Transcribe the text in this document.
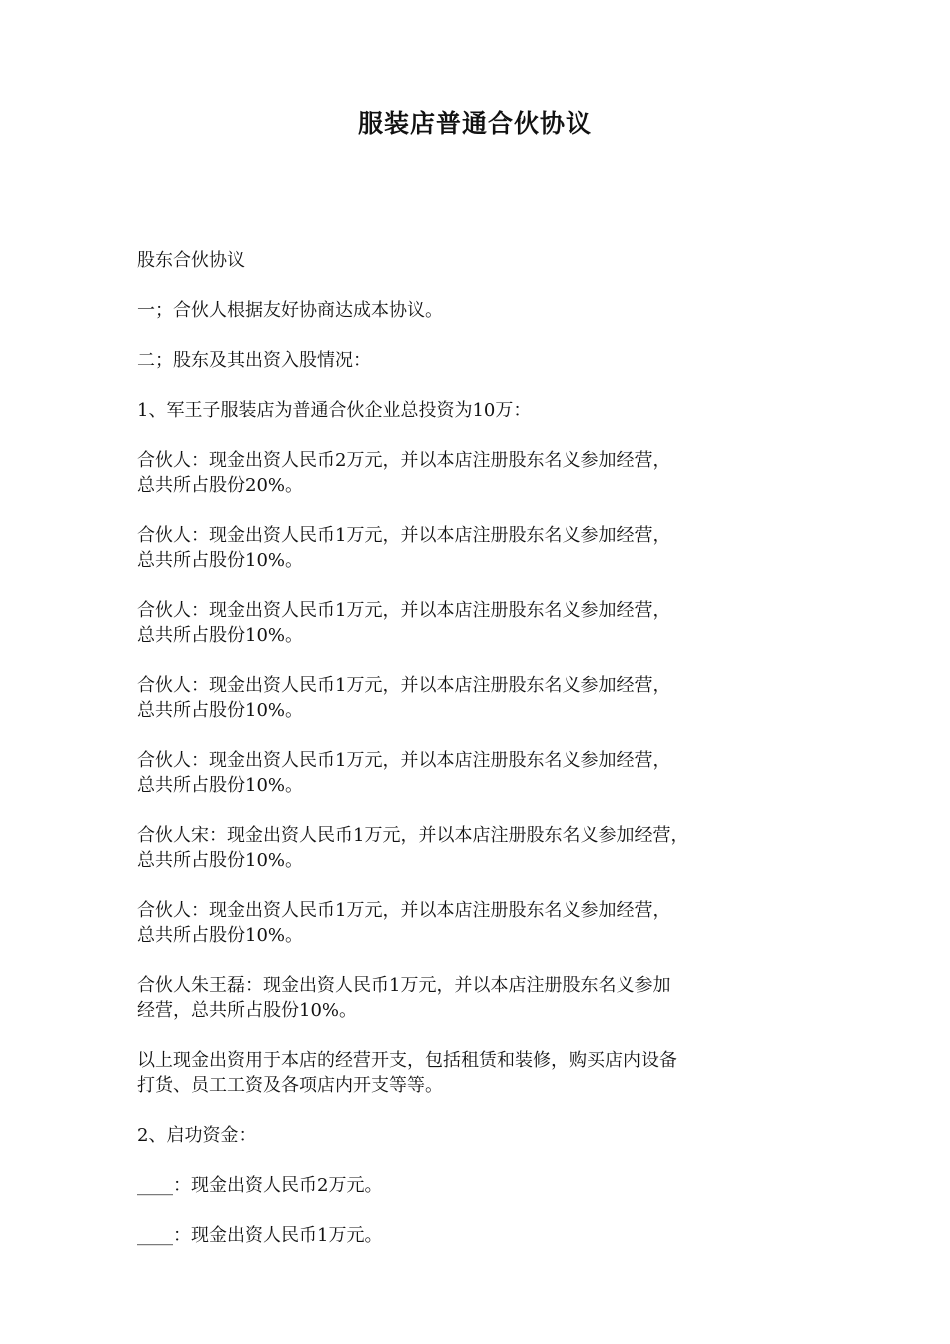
服装店普通合伙协议

股东合伙协议

一；合伙人根据友好协商达成本协议。

二；股东及其出资入股情况：

1、军王子服装店为普通合伙企业总投资为10万：

合伙人：现金出资人民币2万元，并以本店注册股东名义参加经营，
总共所占股份20%。

合伙人：现金出资人民币1万元，并以本店注册股东名义参加经营，
总共所占股份10%。

合伙人：现金出资人民币1万元，并以本店注册股东名义参加经营，
总共所占股份10%。

合伙人：现金出资人民币1万元，并以本店注册股东名义参加经营，
总共所占股份10%。

合伙人：现金出资人民币1万元，并以本店注册股东名义参加经营，
总共所占股份10%。

合伙人宋：现金出资人民币1万元，并以本店注册股东名义参加经营，
总共所占股份10%。

合伙人：现金出资人民币1万元，并以本店注册股东名义参加经营，
总共所占股份10%。

合伙人朱王磊：现金出资人民币1万元，并以本店注册股东名义参加
经营，总共所占股份10%。

以上现金出资用于本店的经营开支，包括租赁和装修，购买店内设备
打货、员工工资及各项店内开支等等。

2、启功资金：

____：现金出资人民币2万元。

____：现金出资人民币1万元。
